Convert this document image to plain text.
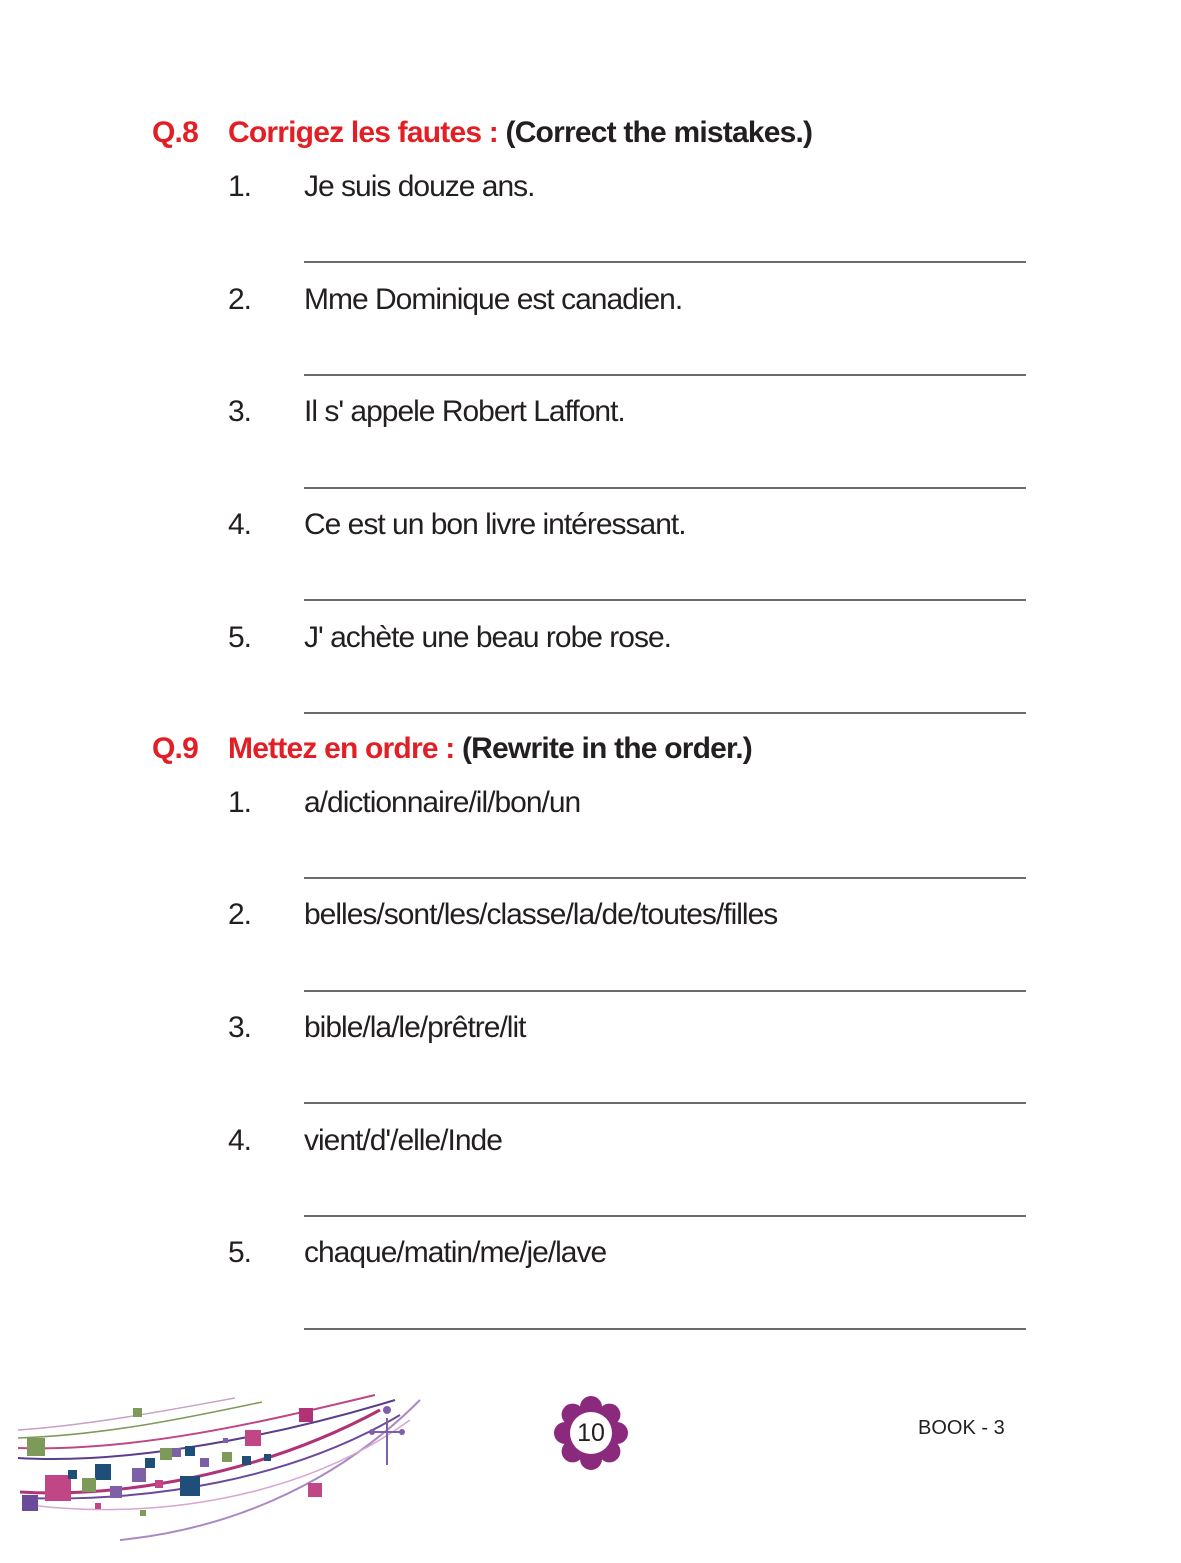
Q.8 Corrigez les fautes : (Correct the mistakes.)
1. Je suis douze ans.
2. Mme Dominique est canadien.
3. Il s' appele Robert Laffont.
4. Ce est un bon livre intéressant.
5. J' achète une beau robe rose.
Q.9 Mettez en ordre : (Rewrite in the order.)
1. a/dictionnaire/il/bon/un
2. belles/sont/les/classe/la/de/toutes/filles
3. bible/la/le/prêtre/lit
4. vient/d'/elle/Inde
5. chaque/matin/me/je/lave
10	BOOK - 3
